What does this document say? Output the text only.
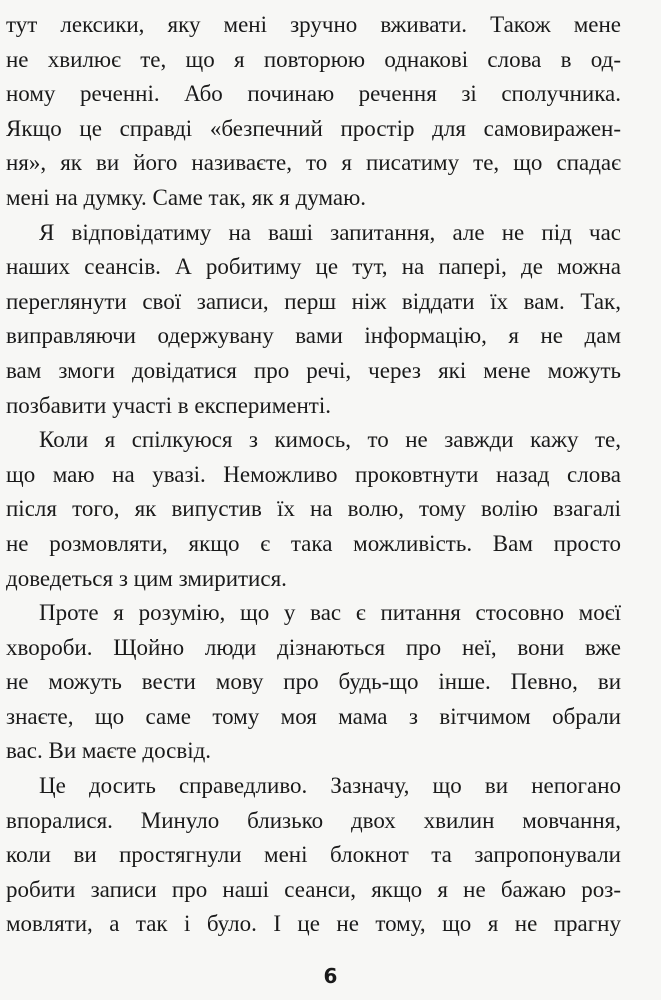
тут лексики, яку мені зручно вживати. Також мене
не хвилює те, що я повторюю однакові слова в од-
ному реченні. Або починаю речення зі сполучника.
Якщо це справді «безпечний простір для самовиражен-
ня», як ви його називаєте, то я писатиму те, що спадає
мені на думку. Саме так, як я думаю.
Я відповідатиму на ваші запитання, але не під час
наших сеансів. А робитиму це тут, на папері, де можна
переглянути свої записи, перш ніж віддати їх вам. Так,
виправляючи одержувану вами інформацію, я не дам
вам змоги довідатися про речі, через які мене можуть
позбавити участі в експерименті.
Коли я спілкуюся з кимось, то не завжди кажу те,
що маю на увазі. Неможливо проковтнути назад слова
після того, як випустив їх на волю, тому волію взагалі
не розмовляти, якщо є така можливість. Вам просто
доведеться з цим змиритися.
Проте я розумію, що у вас є питання стосовно моєї
хвороби. Щойно люди дізнаються про неї, вони вже
не можуть вести мову про будь-що інше. Певно, ви
знаєте, що саме тому моя мама з вітчимом обрали
вас. Ви маєте досвід.
Це досить справедливо. Зазначу, що ви непогано
впоралися. Минуло близько двох хвилин мовчання,
коли ви простягнули мені блокнот та запропонували
робити записи про наші сеанси, якщо я не бажаю роз-
мовляти, а так і було. І це не тому, що я не прагну
6
